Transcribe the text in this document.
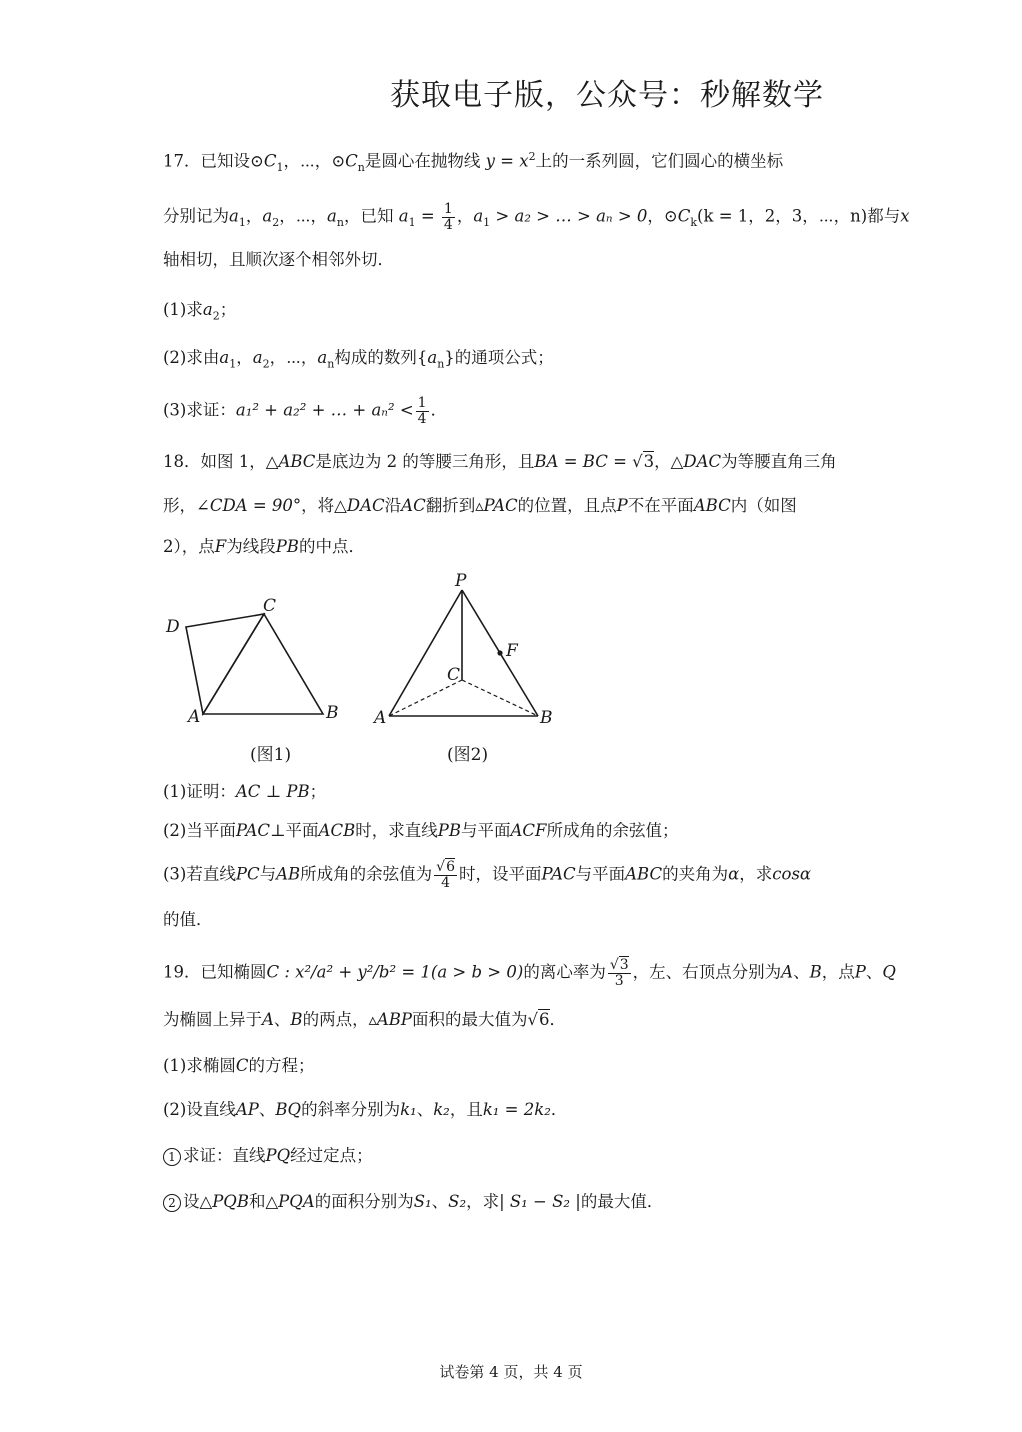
获取电子版，公众号：秒解数学
17．已知设$⊙C_1$，⋯，$⊙C_n$是圆心在抛物线 $y = x^2$上的一系列圆，它们圆心的横坐标
分别记为$a_1$，$a_2$，⋯，$a_n$，已知 $a_1 = \frac{1}{4}$ ，$a_1 > a_2$ > … > aₙ > 0，$⊙C_k(k = 1$，2，3，⋯，n)都与x
轴相切，且顺次逐个相邻外切．
(1)求$a_2$；
(2)求由$a_1$，$a_2$，⋯，$a_n$构成的数列$\{a_n\}$的通项公式；
(3)求证：a₁² + a₂² + … + $a_n^2 < \frac{1}{4}$ ．
18．如图 1，△ABC是底边为 2 的等腰三角形，且BA = BC = √3，△DAC为等腰直角三角
形，∠CDA = 90°，将△DAC沿AC翻折到▵PAC的位置，且点P不在平面ABC内（如图
2），点F为线段PB的中点．
D
C
A	B
(图1)
P
F
C
A	B
(图2)
(1)证明：AC ⊥ PB；
(2)当平面PAC⊥平面ACB时，求直线PB与平面ACF所成角的余弦值；
(3)若直线PC与AB所成角的余弦值为 $\frac{√6}{4}$ 时，设平面PAC与平面ABC的夹角为α，求cosα
的值．
19．已知椭圆C : x²/a² + y²/b² = 1(a > b > 0)的离心率为 $\frac{√3}{3}$ ，左、右顶点分别为A、B，点P、Q
为椭圆上异于A、B的两点，▵ABP面积的最大值为√6．
(1)求椭圆C的方程；
(2)设直线AP、BQ的斜率分别为k₁、k₂，且k₁ = 2k₂．
1 求证：直线PQ经过定点；
2 设△PQB和△PQA的面积分别为S₁、S₂，求| S₁ − S₂ |的最大值．
试卷第 4 页，共 4 页
